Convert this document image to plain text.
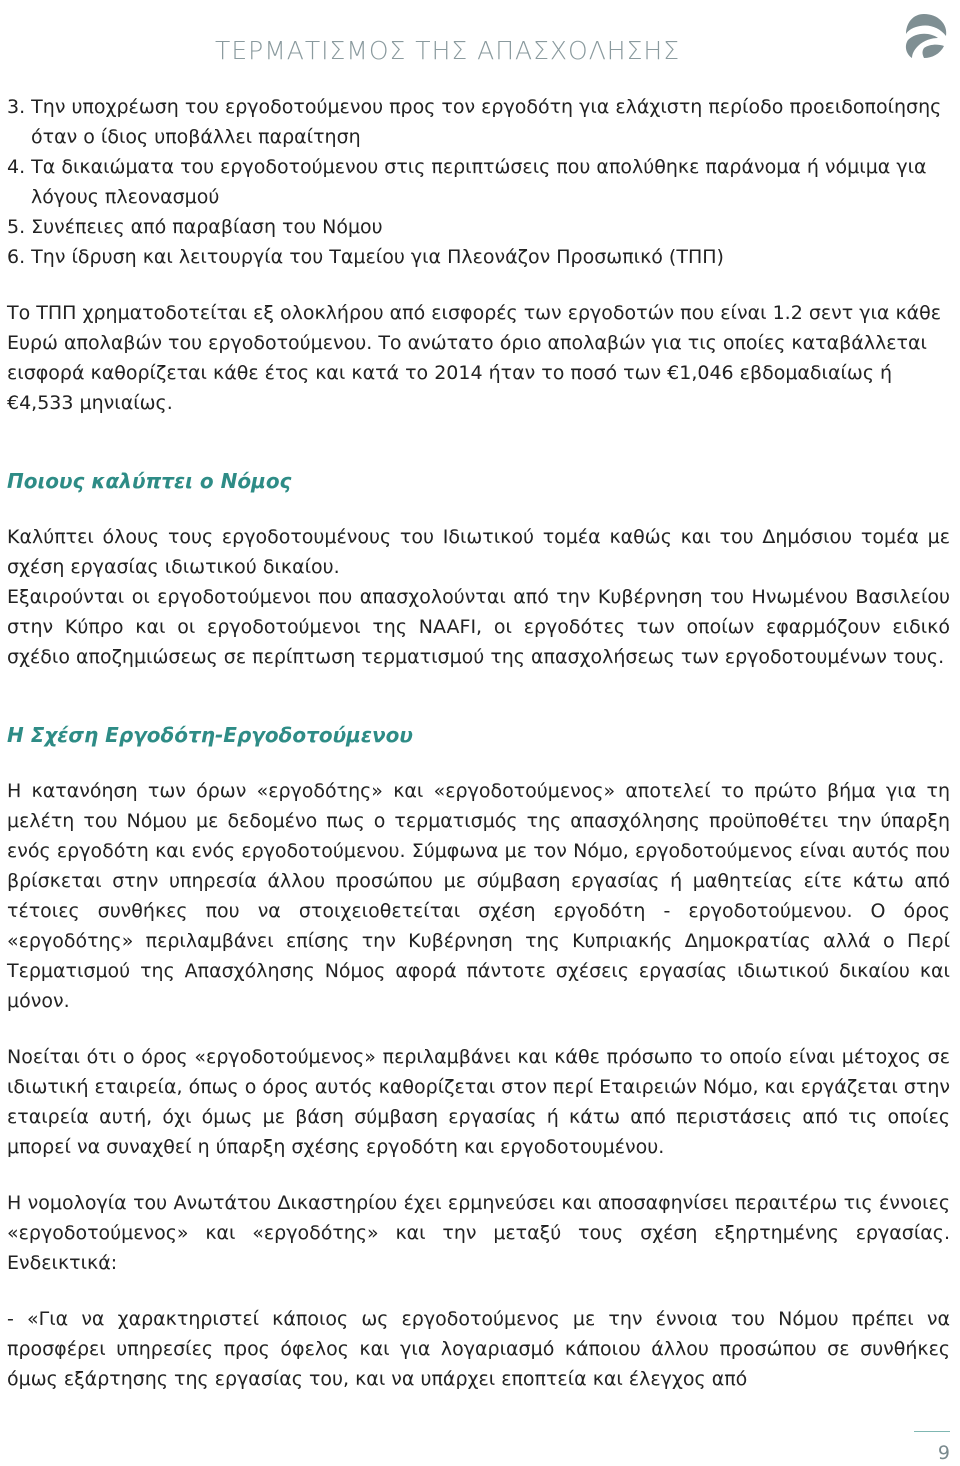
ΤΕΡΜΑΤΙΣΜΟΣ ΤΗΣ ΑΠΑΣΧΟΛΗΣΗΣ

3. Την υποχρέωση του εργοδοτούμενου προς τον εργοδότη για ελάχιστη περίοδο προειδοποίησης όταν ο ίδιος υποβάλλει παραίτηση

4. Τα δικαιώματα του εργοδοτούμενου στις περιπτώσεις που απολύθηκε παράνομα ή νόμιμα για λόγους πλεονασμού

5. Συνέπειες από παραβίαση του Νόμου

6. Την ίδρυση και λειτουργία του Ταμείου για Πλεονάζον Προσωπικό (ΤΠΠ)

Το ΤΠΠ χρηματοδοτείται εξ ολοκλήρου από εισφορές των εργοδοτών που είναι 1.2 σεντ για κάθε Ευρώ απολαβών του εργοδοτούμενου. Το ανώτατο όριο απολαβών για τις οποίες καταβάλλεται εισφορά καθορίζεται κάθε έτος και κατά το 2014 ήταν το ποσό των €1,046 εβδομαδιαίως ή €4,533 μηνιαίως.

Ποιους καλύπτει ο Νόμος

Καλύπτει όλους τους εργοδοτουμένους του Ιδιωτικού τομέα καθώς και του Δημόσιου τομέα με σχέση εργασίας ιδιωτικού δικαίου.

Εξαιρούνται οι εργοδοτούμενοι που απασχολούνται από την Κυβέρνηση του Ηνωμένου Βασιλείου στην Κύπρο και οι εργοδοτούμενοι της NAAFI, οι εργοδότες των οποίων εφαρμόζουν ειδικό σχέδιο αποζημιώσεως σε περίπτωση τερματισμού της απασχολήσεως των εργοδοτουμένων τους.

Η Σχέση Εργοδότη-Εργοδοτούμενου

Η κατανόηση των όρων «εργοδότης» και «εργοδοτούμενος» αποτελεί το πρώτο βήμα για τη μελέτη του Νόμου με δεδομένο πως ο τερματισμός της απασχόλησης προϋποθέτει την ύπαρξη ενός εργοδότη και ενός εργοδοτούμενου. Σύμφωνα με τον Νόμο, εργοδοτούμενος είναι αυτός που βρίσκεται στην υπηρεσία άλλου προσώπου με σύμβαση εργασίας ή μαθητείας είτε κάτω από τέτοιες συνθήκες που να στοιχειοθετείται σχέση εργοδότη - εργοδοτούμενου. Ο όρος «εργοδότης» περιλαμβάνει επίσης την Κυβέρνηση της Κυπριακής Δημοκρατίας αλλά ο Περί Τερματισμού της Απασχόλησης Νόμος αφορά πάντοτε σχέσεις εργασίας ιδιωτικού δικαίου και μόνον.

Νοείται ότι ο όρος «εργοδοτούμενος» περιλαμβάνει και κάθε πρόσωπο το οποίο είναι μέτοχος σε ιδιωτική εταιρεία, όπως ο όρος αυτός καθορίζεται στον περί Εταιρειών Νόμο, και εργάζεται στην εταιρεία αυτή, όχι όμως με βάση σύμβαση εργασίας ή κάτω από περιστάσεις από τις οποίες μπορεί να συναχθεί η ύπαρξη σχέσης εργοδότη και εργοδοτουμένου.

Η νομολογία του Ανωτάτου Δικαστηρίου έχει ερμηνεύσει και αποσαφηνίσει περαιτέρω τις έννοιες «εργοδοτούμενος» και «εργοδότης» και την μεταξύ τους σχέση εξηρτημένης εργασίας. Ενδεικτικά:

- «Για να χαρακτηριστεί κάποιος ως εργοδοτούμενος με την έννοια του Νόμου πρέπει να προσφέρει υπηρεσίες προς όφελος και για λογαριασμό κάποιου άλλου προσώπου σε συνθήκες όμως εξάρτησης της εργασίας του, και να υπάρχει εποπτεία και έλεγχος από

9
